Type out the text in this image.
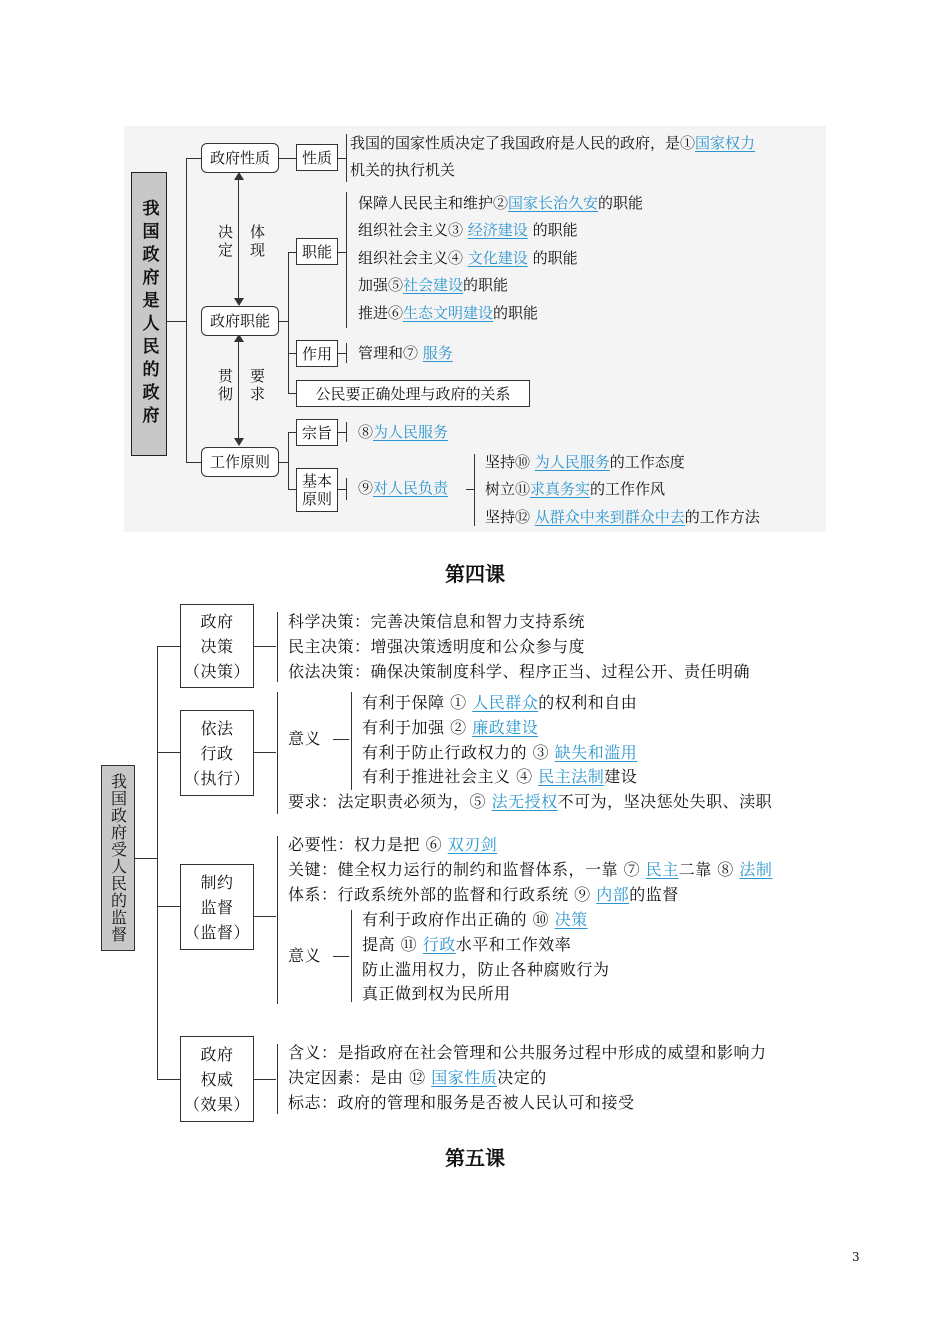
我国政府是人民的政府
政府性质 性质
我国的国家性质决定了我国政府是人民的政府，是①国家权力
机关的执行机关
决定 体现
贯彻 要求
政府职能
职能
保障人民民主和维护②国家长治久安的职能
组织社会主义③ 经济建设 的职能
组织社会主义④ 文化建设 的职能
加强⑤社会建设的职能
推进⑥生态文明建设的职能
作用 管理和⑦ 服务
公民要正确处理与政府的关系
工作原则
宗旨 ⑧为人民服务
基本
原则
⑨对人民负责
坚持⑩ 为人民服务的工作态度
树立⑪求真务实的工作作风
坚持⑫ 从群众中来到群众中去的工作方法
第四课
我国政府受人民的监督
政府
决策
（决策）
科学决策：完善决策信息和智力支持系统
民主决策：增强决策透明度和公众参与度
依法决策：确保决策制度科学、程序正当、过程公开、责任明确
依法
行政
（执行）
意义
有利于保障 ① 人民群众的权利和自由
有利于加强 ② 廉政建设
有利于防止行政权力的 ③ 缺失和滥用
有利于推进社会主义 ④ 民主法制建设
要求：法定职责必须为，⑤ 法无授权不可为，坚决惩处失职、渎职
制约
监督
（监督）
必要性：权力是把 ⑥ 双刃剑
关键：健全权力运行的制约和监督体系，一靠 ⑦ 民主二靠 ⑧ 法制
体系：行政系统外部的监督和行政系统 ⑨ 内部的监督
意义
有利于政府作出正确的 ⑩ 决策
提高 ⑪ 行政水平和工作效率
防止滥用权力，防止各种腐败行为
真正做到权为民所用
政府
权威
（效果）
含义：是指政府在社会管理和公共服务过程中形成的威望和影响力
决定因素：是由 ⑫ 国家性质决定的
标志：政府的管理和服务是否被人民认可和接受
第五课
3
